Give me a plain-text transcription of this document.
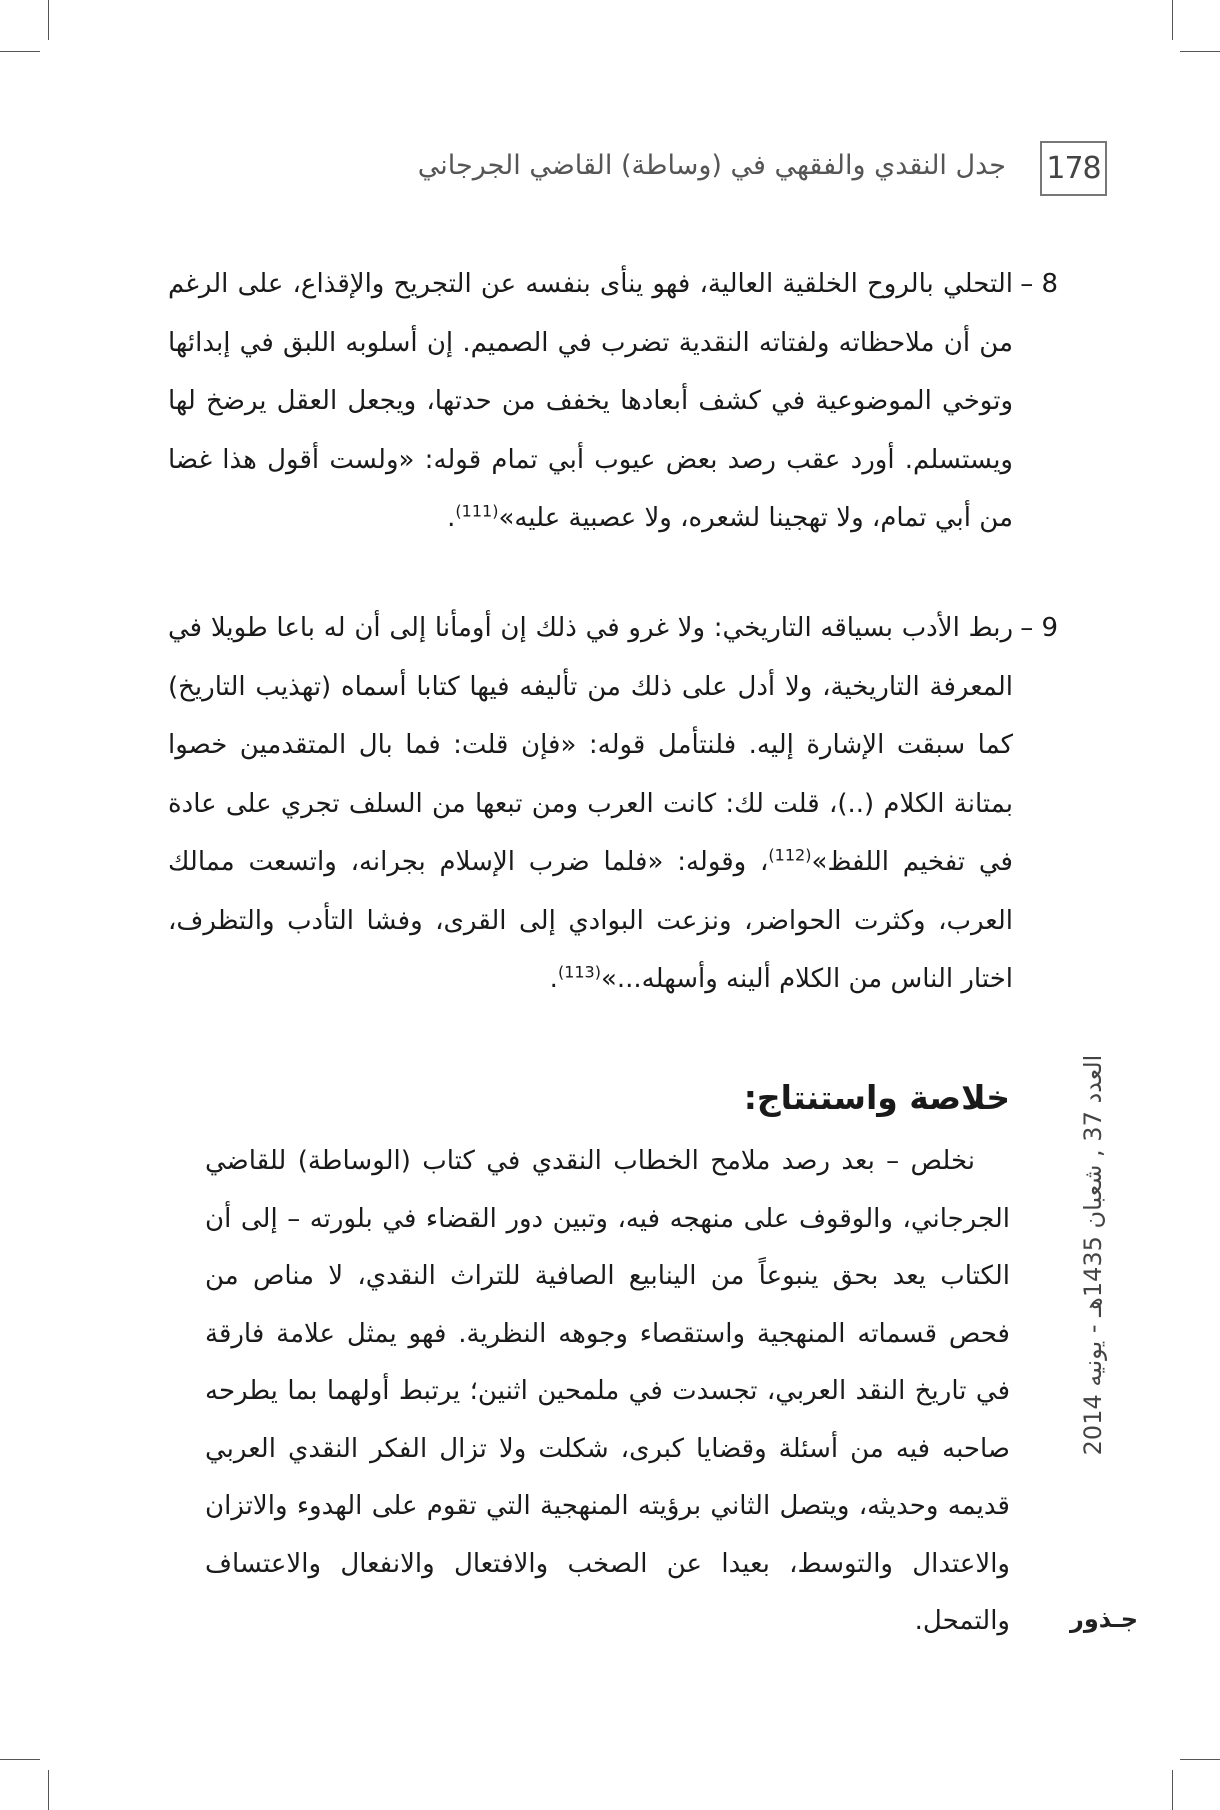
178
جدل النقدي والفقهي في (وساطة) القاضي الجرجاني
8 –
التحلي بالروح الخلقية العالية، فهو ينأى بنفسه عن التجريح والإقذاع، على الرغم من أن ملاحظاته ولفتاته النقدية تضرب في الصميم. إن أسلوبه اللبق في إبدائها وتوخي الموضوعية في كشف أبعادها يخفف من حدتها، ويجعل العقل يرضخ لها ويستسلم. أورد عقب رصد بعض عيوب أبي تمام قوله: «ولست أقول هذا غضا من أبي تمام، ولا تهجينا لشعره، ولا عصبية عليه»$^{(111)}$.
9 –
ربط الأدب بسياقه التاريخي: ولا غرو في ذلك إن أومأنا إلى أن له باعا طويلا في المعرفة التاريخية، ولا أدل على ذلك من تأليفه فيها كتابا أسماه (تهذيب التاريخ) كما سبقت الإشارة إليه. فلنتأمل قوله: «فإن قلت: فما بال المتقدمين خصوا بمتانة الكلام (..)، قلت لك: كانت العرب ومن تبعها من السلف تجري على عادة في تفخيم اللفظ»$^{(112)}$، وقوله: «فلما ضرب الإسلام بجرانه، واتسعت ممالك العرب، وكثرت الحواضر، ونزعت البوادي إلى القرى، وفشا التأدب والتظرف، اختار الناس من الكلام ألينه وأسهله...»$^{(113)}$.
خلاصة واستنتاج:
نخلص – بعد رصد ملامح الخطاب النقدي في كتاب (الوساطة) للقاضي الجرجاني، والوقوف على منهجه فيه، وتبين دور القضاء في بلورته – إلى أن الكتاب يعد بحق ينبوعاً من الينابيع الصافية للتراث النقدي، لا مناص من فحص قسماته المنهجية واستقصاء وجوهه النظرية. فهو يمثل علامة فارقة في تاريخ النقد العربي، تجسدت في ملمحين اثنين؛ يرتبط أولهما بما يطرحه صاحبه فيه من أسئلة وقضايا كبرى، شكلت ولا تزال الفكر النقدي العربي قديمه وحديثه، ويتصل الثاني برؤيته المنهجية التي تقوم على الهدوء والاتزان والاعتدال والتوسط، بعيدا عن الصخب والافتعال والانفعال والاعتساف والتمحل.
العدد 37 , شعبان 1435هـ - يونيه 2014
جـذور
